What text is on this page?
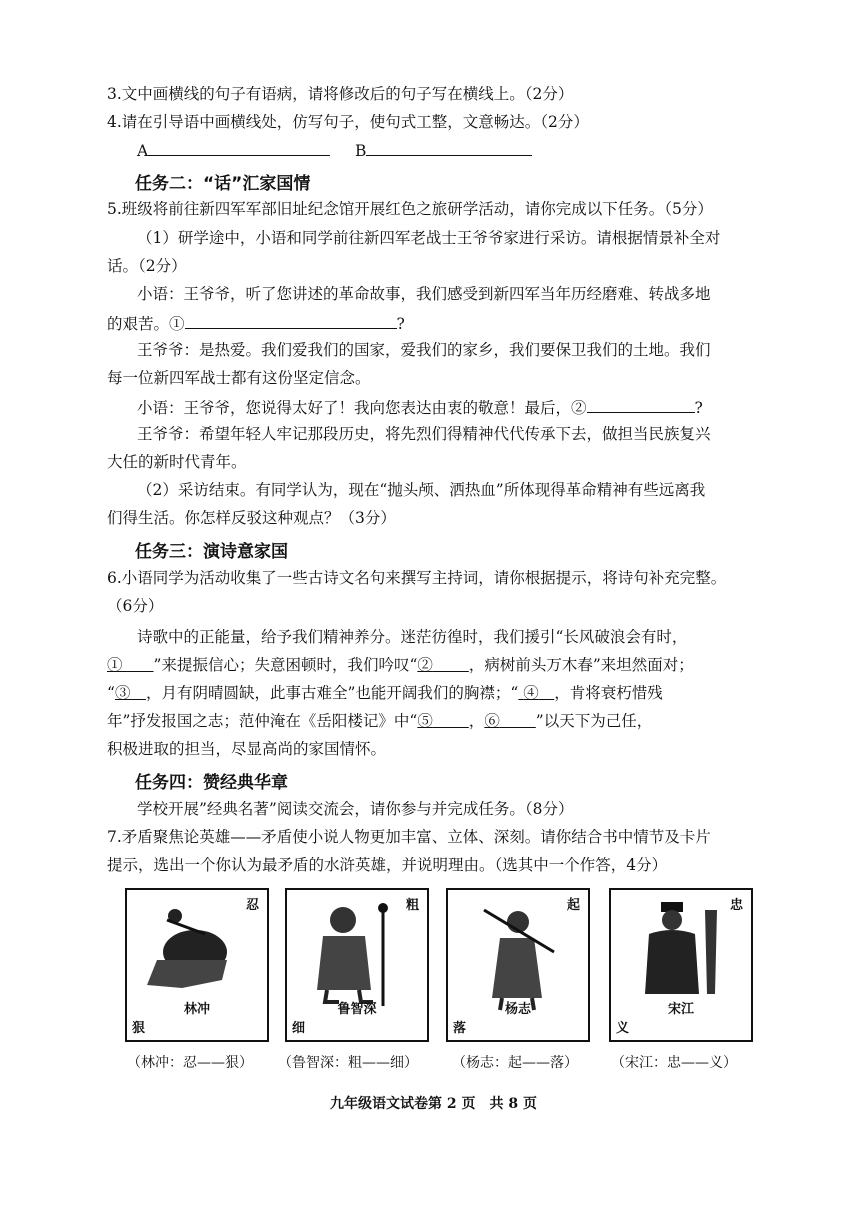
3.文中画横线的句子有语病，请将修改后的句子写在横线上。（2分）
4.请在引导语中画横线处，仿写句子，使句式工整，文意畅达。（2分）
A	B
任务二：“话”汇家国情
5.班级将前往新四军军部旧址纪念馆开展红色之旅研学活动，请你完成以下任务。（5分）
（1）研学途中，小语和同学前往新四军老战士王爷爷家进行采访。请根据情景补全对
话。（2分）
小语：王爷爷，听了您讲述的革命故事，我们感受到新四军当年历经磨难、转战多地
的艰苦。①	?
王爷爷：是热爱。我们爱我们的国家，爱我们的家乡，我们要保卫我们的土地。我们
每一位新四军战士都有这份坚定信念。
小语：王爷爷，您说得太好了！我向您表达由衷的敬意！最后，②	?
王爷爷：希望年轻人牢记那段历史，将先烈们得精神代代传承下去，做担当民族复兴
大任的新时代青年。
（2）采访结束。有同学认为，现在“抛头颅、洒热血”所体现得革命精神有些远离我
们得生活。你怎样反驳这种观点？（3分）
任务三：演诗意家国
6.小语同学为活动收集了一些古诗文名句来撰写主持词，请你根据提示，将诗句补充完整。
（6分）
诗歌中的正能量，给予我们精神养分。迷茫彷徨时，我们援引“长风破浪会有时，
①   ”来提振信心；失意困顿时，我们吟叹“②   ，病树前头万木春”来坦然面对；
“③  ，月有阴晴圆缺，此事古难全”也能开阔我们的胸襟；“ ④  ，肯将衰朽惜残
年”抒发报国之志；范仲淹在《岳阳楼记》中“⑤   ，⑥   ”以天下为己任，
积极进取的担当，尽显高尚的家国情怀。
任务四：赞经典华章
学校开展”经典名著”阅读交流会，请你参与并完成任务。（8分）
7.矛盾聚焦论英雄——矛盾使小说人物更加丰富、立体、深刻。请你结合书中情节及卡片
提示，选出一个你认为最矛盾的水浒英雄，并说明理由。（选其中一个作答，4分）
忍
林冲
狠
粗
鲁智深
细
起
杨志
落
忠
宋江
义
（林冲：忍——狠） （鲁智深：粗——细） （杨志：起——落） （宋江：忠——义）
九年级语文试卷第 2 页　共 8 页
